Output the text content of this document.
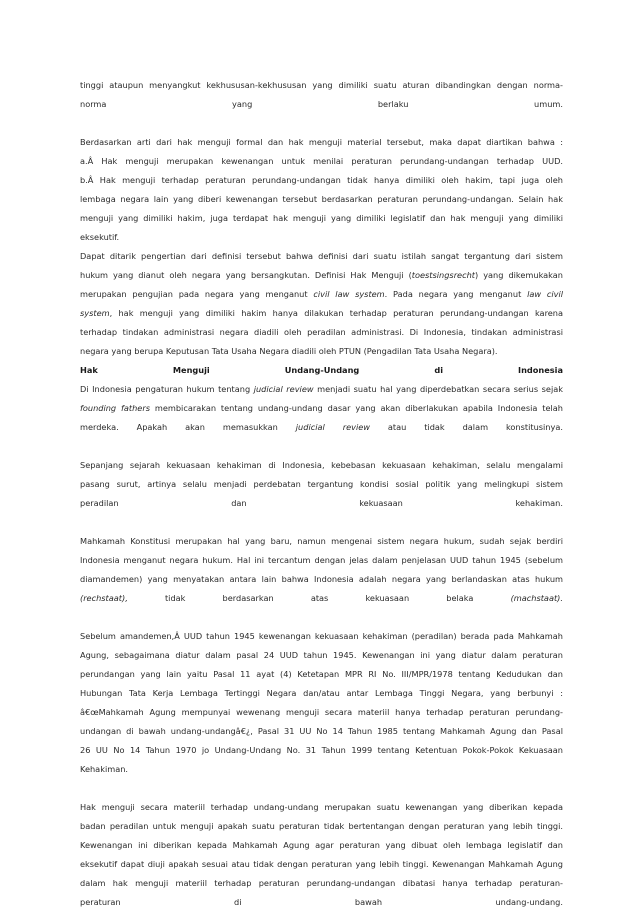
tinggi ataupun menyangkut kekhususan-kekhususan yang dimiliki suatu aturan dibandingkan dengan norma-
norma	yang	berlaku	umum.
Berdasarkan arti dari hak menguji formal dan hak menguji material tersebut, maka dapat diartikan bahwa :
a.Â Hak menguji merupakan kewenangan untuk menilai peraturan perundang-undangan terhadap UUD.
b.Â Hak menguji terhadap peraturan perundang-undangan tidak hanya dimiliki oleh hakim, tapi juga oleh
lembaga negara lain yang diberi kewenangan tersebut berdasarkan peraturan perundang-undangan. Selain hak
menguji yang dimiliki hakim, juga terdapat hak menguji yang dimiliki legislatif dan hak menguji yang dimiliki
eksekutif.
Dapat ditarik pengertian dari definisi tersebut bahwa definisi dari suatu istilah sangat tergantung dari sistem
hukum yang dianut oleh negara yang bersangkutan. Definisi Hak Menguji (toestsingsrecht) yang dikemukakan
merupakan pengujian pada negara yang menganut civil law system. Pada negara yang menganut law civil
system, hak menguji yang dimiliki hakim hanya dilakukan terhadap peraturan perundang-undangan karena
terhadap tindakan administrasi negara diadili oleh peradilan administrasi. Di Indonesia, tindakan administrasi
negara yang berupa Keputusan Tata Usaha Negara diadili oleh PTUN (Pengadilan Tata Usaha Negara).
Hak	Menguji	Undang-Undang	di	Indonesia
Di Indonesia pengaturan hukum tentang judicial review menjadi suatu hal yang diperdebatkan secara serius sejak
founding fathers membicarakan tentang undang-undang dasar yang akan diberlakukan apabila Indonesia telah
merdeka. Apakah akan memasukkan judicial review atau tidak dalam konstitusinya.
Sepanjang sejarah kekuasaan kehakiman di Indonesia, kebebasan kekuasaan kehakiman, selalu mengalami
pasang surut, artinya selalu menjadi perdebatan tergantung kondisi sosial politik yang melingkupi sistem
peradilan	dan	kekuasaan	kehakiman.
Mahkamah Konstitusi merupakan hal yang baru, namun mengenai sistem negara hukum, sudah sejak berdiri
Indonesia menganut negara hukum. Hal ini tercantum dengan jelas dalam penjelasan UUD tahun 1945 (sebelum
diamandemen) yang menyatakan antara lain bahwa Indonesia adalah negara yang berlandaskan atas hukum
(rechstaat),	tidak	berdasarkan	atas	kekuasaan	belaka	(machstaat).
Sebelum amandemen,Â UUD tahun 1945 kewenangan kekuasaan kehakiman (peradilan) berada pada Mahkamah
Agung, sebagaimana diatur dalam pasal 24 UUD tahun 1945. Kewenangan ini yang diatur dalam peraturan
perundangan yang lain yaitu Pasal 11 ayat (4) Ketetapan MPR RI No. III/MPR/1978 tentang Kedudukan dan
Hubungan Tata Kerja Lembaga Tertinggi Negara dan/atau antar Lembaga Tinggi Negara, yang berbunyi :
â€œMahkamah Agung mempunyai wewenang menguji secara materiil hanya terhadap peraturan perundang-
undangan di bawah undang-undangâ€¿, Pasal 31 UU No 14 Tahun 1985 tentang Mahkamah Agung dan Pasal
26 UU No 14 Tahun 1970 jo Undang-Undang No. 31 Tahun 1999 tentang Ketentuan Pokok-Pokok Kekuasaan
Kehakiman.
Hak menguji secara materiil terhadap undang-undang merupakan suatu kewenangan yang diberikan kepada
badan peradilan untuk menguji apakah suatu peraturan tidak bertentangan dengan peraturan yang lebih tinggi.
Kewenangan ini diberikan kepada Mahkamah Agung agar peraturan yang dibuat oleh lembaga legislatif dan
eksekutif dapat diuji apakah sesuai atau tidak dengan peraturan yang lebih tinggi. Kewenangan Mahkamah Agung
dalam hak menguji materiil terhadap peraturan perundang-undangan dibatasi hanya terhadap peraturan-
peraturan	di	bawah	undang-undang.
